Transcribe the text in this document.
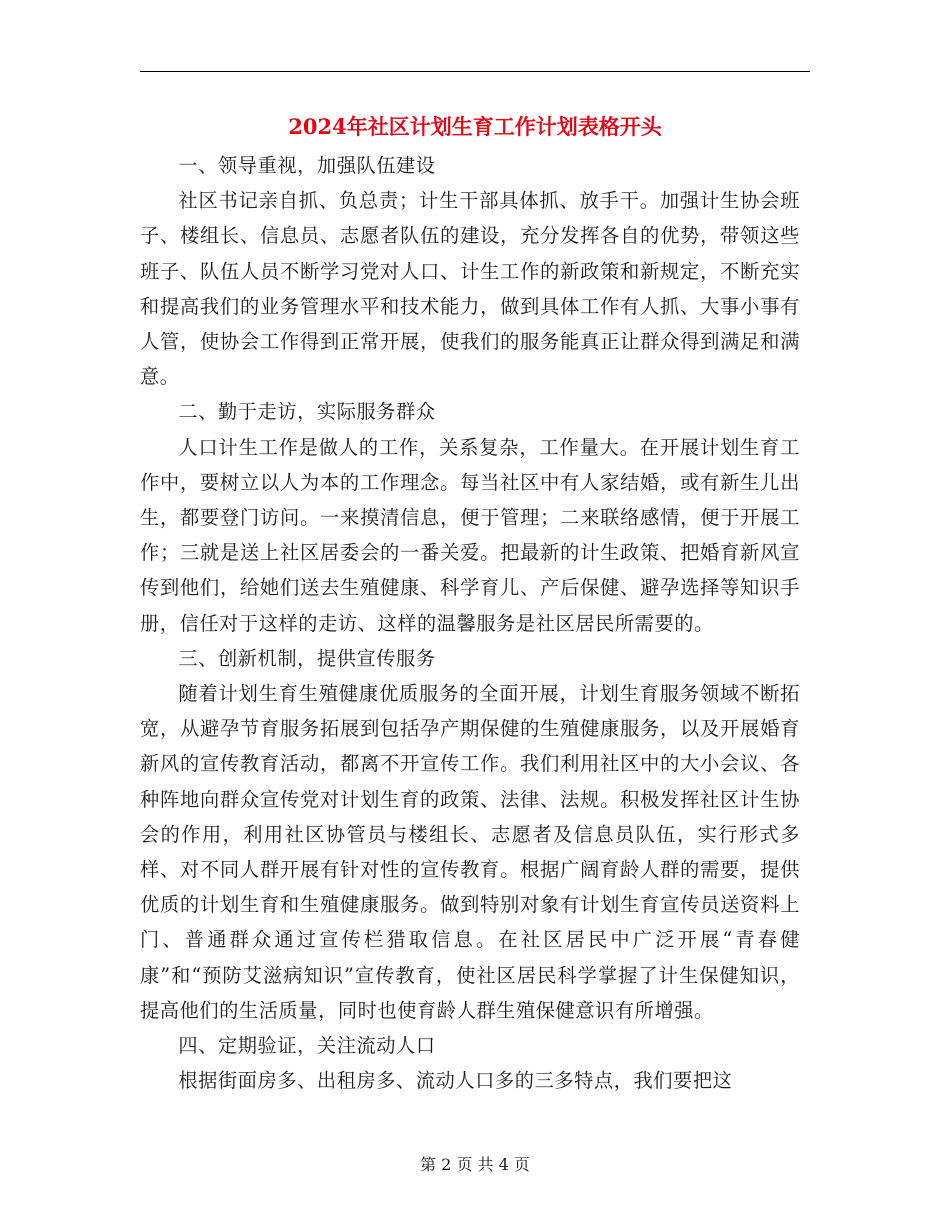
2024年社区计划生育工作计划表格开头

一、领导重视，加强队伍建设

社区书记亲自抓、负总责；计生干部具体抓、放手干。加强计生协会班子、楼组长、信息员、志愿者队伍的建设，充分发挥各自的优势，带领这些班子、队伍人员不断学习党对人口、计生工作的新政策和新规定，不断充实和提高我们的业务管理水平和技术能力，做到具体工作有人抓、大事小事有人管，使协会工作得到正常开展，使我们的服务能真正让群众得到满足和满意。

二、勤于走访，实际服务群众

人口计生工作是做人的工作，关系复杂，工作量大。在开展计划生育工作中，要树立以人为本的工作理念。每当社区中有人家结婚，或有新生儿出生，都要登门访问。一来摸清信息，便于管理；二来联络感情，便于开展工作；三就是送上社区居委会的一番关爱。把最新的计生政策、把婚育新风宣传到他们，给她们送去生殖健康、科学育儿、产后保健、避孕选择等知识手册，信任对于这样的走访、这样的温馨服务是社区居民所需要的。

三、创新机制，提供宣传服务

随着计划生育生殖健康优质服务的全面开展，计划生育服务领域不断拓宽，从避孕节育服务拓展到包括孕产期保健的生殖健康服务，以及开展婚育新风的宣传教育活动，都离不开宣传工作。我们利用社区中的大小会议、各种阵地向群众宣传党对计划生育的政策、法律、法规。积极发挥社区计生协会的作用，利用社区协管员与楼组长、志愿者及信息员队伍，实行形式多样、对不同人群开展有针对性的宣传教育。根据广阔育龄人群的需要，提供优质的计划生育和生殖健康服务。做到特别对象有计划生育宣传员送资料上门、普通群众通过宣传栏猎取信息。在社区居民中广泛开展“青春健康”和“预防艾滋病知识”宣传教育，使社区居民科学掌握了计生保健知识，提高他们的生活质量，同时也使育龄人群生殖保健意识有所增强。

四、定期验证，关注流动人口

根据街面房多、出租房多、流动人口多的三多特点，我们要把这

第 2 页 共 4 页
